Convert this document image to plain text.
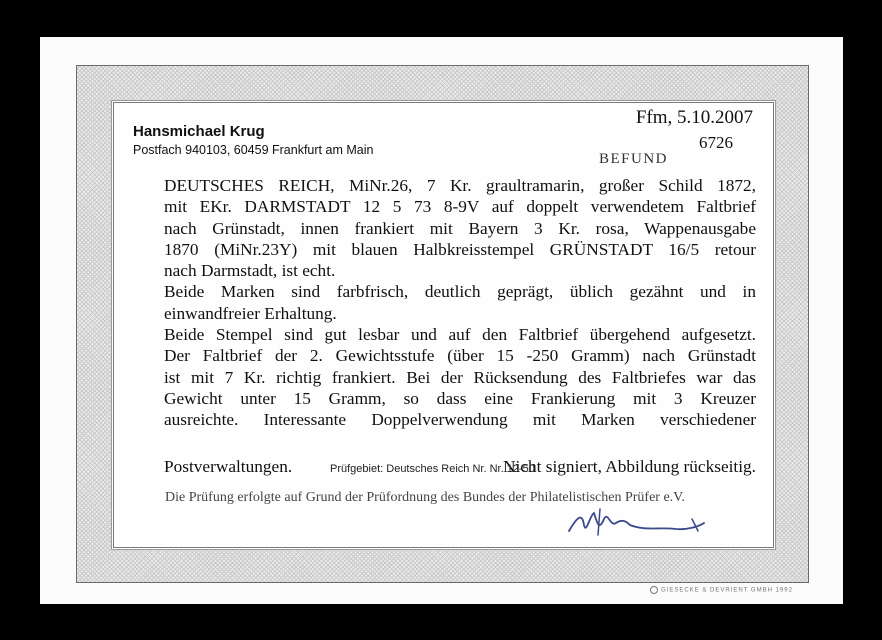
Hansmichael Krug
Postfach 940103, 60459 Frankfurt am Main
Ffm, 5.10.2007
6726
BEFUND

DEUTSCHES REICH, MiNr.26, 7 Kr. graultramarin, großer Schild 1872,

mit EKr. DARMSTADT 12 5 73 8-9V auf doppelt verwendetem Faltbrief

nach Grünstadt, innen frankiert mit Bayern 3 Kr. rosa, Wappenausgabe

1870 (MiNr.23Y) mit blauen Halbkreisstempel GRÜNSTADT 16/5 retour

nach Darmstadt, ist echt.

Beide Marken sind farbfrisch, deutlich geprägt, üblich gezähnt und in

einwandfreier Erhaltung.

Beide Stempel sind gut lesbar und auf den Faltbrief übergehend aufgesetzt.

Der Faltbrief der 2. Gewichtsstufe (über 15 -250 Gramm) nach Grünstadt

ist mit 7 Kr. richtig frankiert. Bei der Rücksendung des Faltbriefes war das

Gewicht unter 15 Gramm, so dass eine Frankierung mit 3 Kreuzer

ausreichte. Interessante Doppelverwendung mit Marken verschiedener

Postverwaltungen.	Nicht signiert, Abbildung rückseitig.
Prüfgebiet: Deutsches Reich Nr. Nr. 12-50
Die Prüfung erfolgte auf Grund der Prüfordnung des Bundes der Philatelistischen Prüfer e.V.
GIESECKE & DEVRIENT GMBH 1992
